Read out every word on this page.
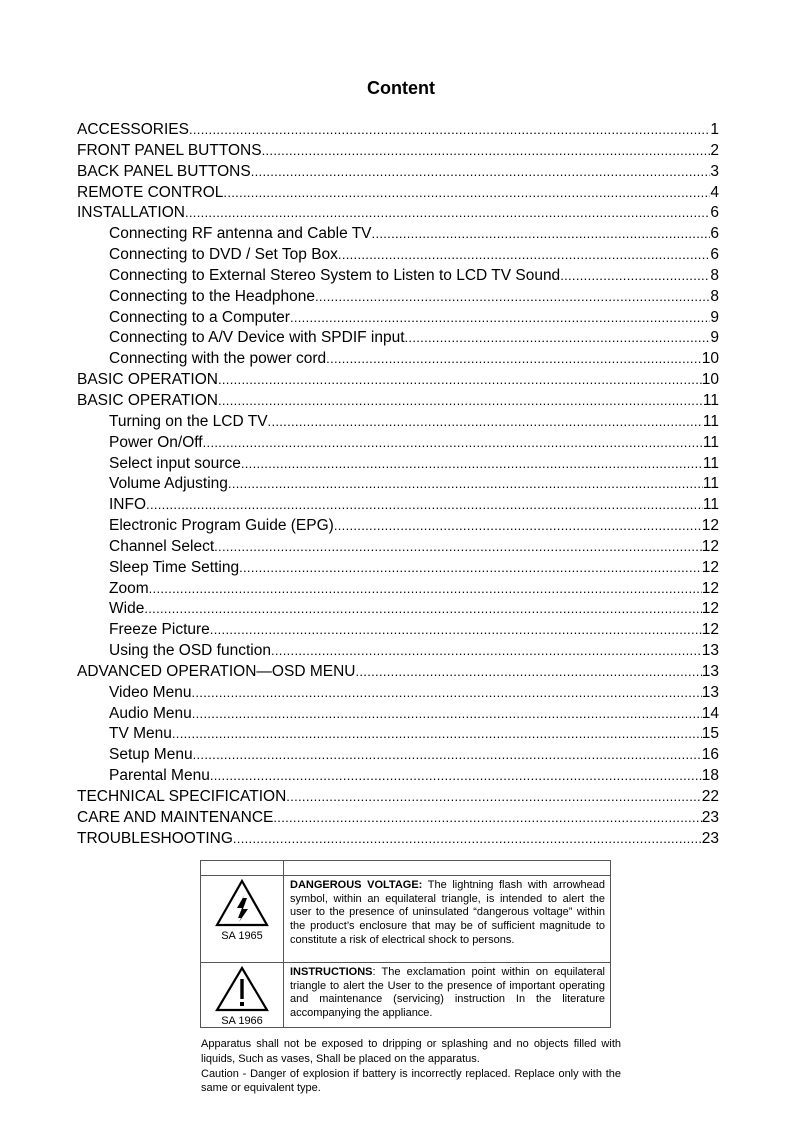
Content
ACCESSORIES .....	1
FRONT PANEL BUTTONS .....	2
BACK PANEL BUTTONS .....	3
REMOTE CONTROL .....	4
INSTALLATION .....	6
Connecting RF antenna and Cable TV .....	6
Connecting to DVD / Set Top Box .....	6
Connecting to External Stereo System to Listen to LCD TV Sound .....	8
Connecting to the Headphone .....	8
Connecting to a Computer .....	9
Connecting to A/V Device with SPDIF input .....	9
Connecting with the power cord .....	10
BASIC OPERATION .....	10
BASIC OPERATION .....	11
Turning on the LCD TV .....	11
Power On/Off .....	11
Select input source .....	11
Volume Adjusting .....	11
INFO .....	11
Electronic Program Guide (EPG) .....	12
Channel Select .....	12
Sleep Time Setting .....	12
Zoom .....	12
Wide .....	12
Freeze Picture .....	12
Using the OSD function .....	13
ADVANCED OPERATION—OSD MENU .....	13
Video Menu .....	13
Audio Menu .....	14
TV Menu .....	15
Setup Menu .....	16
Parental Menu .....	18
TECHNICAL SPECIFICATION .....	22
CARE AND MAINTENANCE .....	23
TROUBLESHOOTING .....	23

SA 1965	DANGEROUS VOLTAGE: The lightning flash with arrowhead symbol, within an equilateral triangle, is intended to alert the user to the presence of uninsulated “dangerous voltage” within the product’s enclosure that may be of sufficient magnitude to constitute a risk of electrical shock to persons.

SA 1966	INSTRUCTIONS: The exclamation point within on equilateral triangle to alert the User to the presence of important operating and maintenance (servicing) instruction In the literature accompanying the appliance.
Apparatus shall not be exposed to dripping or splashing and no objects filled with liquids, Such as vases, Shall be placed on the apparatus.
Caution - Danger of explosion if battery is incorrectly replaced. Replace only with the same or equivalent type.
